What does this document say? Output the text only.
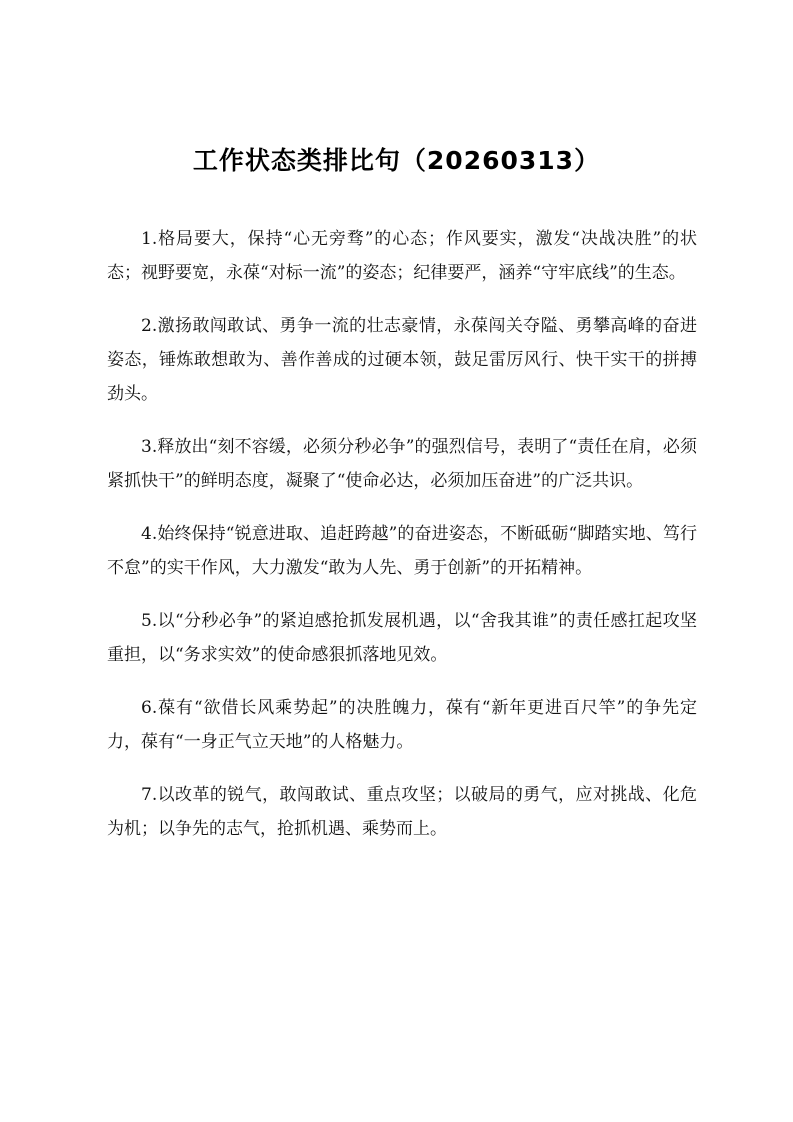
工作状态类排比句（20260313）

1.格局要大，保持“心无旁骛”的心态；作风要实，激发“决战决胜”的状态；视野要宽，永葆“对标一流”的姿态；纪律要严，涵养“守牢底线”的生态。

2.激扬敢闯敢试、勇争一流的壮志豪情，永葆闯关夺隘、勇攀高峰的奋进姿态，锤炼敢想敢为、善作善成的过硬本领，鼓足雷厉风行、快干实干的拼搏劲头。

3.释放出“刻不容缓，必须分秒必争”的强烈信号，表明了“责任在肩，必须紧抓快干”的鲜明态度，凝聚了“使命必达，必须加压奋进”的广泛共识。

4.始终保持“锐意进取、追赶跨越”的奋进姿态，不断砥砺“脚踏实地、笃行不怠”的实干作风，大力激发“敢为人先、勇于创新”的开拓精神。

5.以“分秒必争”的紧迫感抢抓发展机遇，以“舍我其谁”的责任感扛起攻坚重担，以“务求实效”的使命感狠抓落地见效。

6.葆有“欲借长风乘势起”的决胜魄力，葆有“新年更进百尺竿”的争先定力，葆有“一身正气立天地”的人格魅力。

7.以改革的锐气，敢闯敢试、重点攻坚；以破局的勇气，应对挑战、化危为机；以争先的志气，抢抓机遇、乘势而上。
